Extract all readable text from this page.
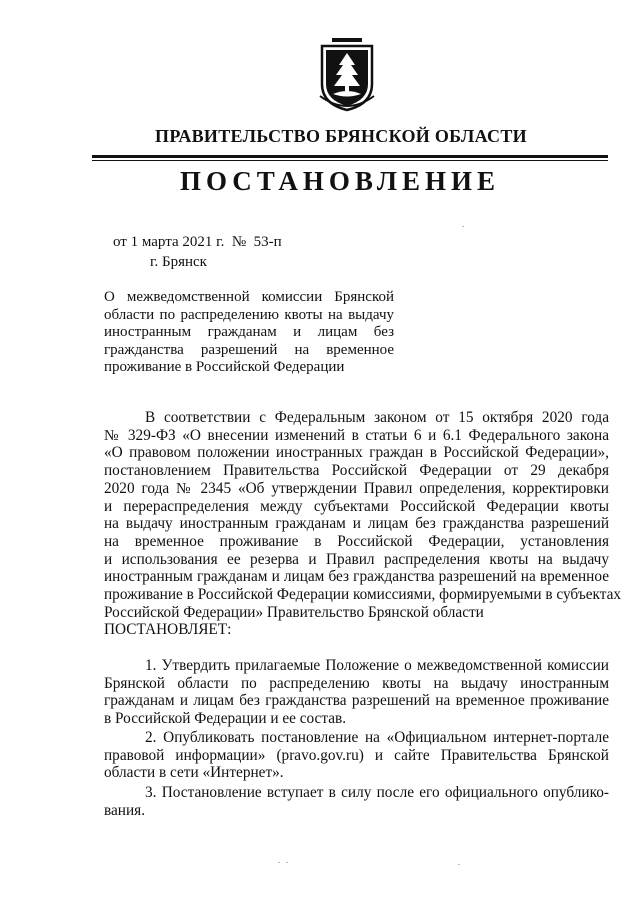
ПРАВИТЕЛЬСТВО БРЯНСКОЙ ОБЛАСТИ
ПОСТАНОВЛЕНИЕ
от 1 марта 2021 г.  №  53-п
г. Брянск
О межведомственной комиссии Брянской
области по распределению квоты на выдачу
иностранным гражданам и лицам без
гражданства разрешений на временное
проживание в Российской Федерации
В соответствии с Федеральным законом от 15 октября 2020 года
№ 329-ФЗ «О внесении изменений в статьи 6 и 6.1 Федерального закона
«О правовом положении иностранных граждан в Российской Федерации»,
постановлением Правительства Российской Федерации от 29 декабря
2020 года № 2345 «Об утверждении Правил определения, корректировки
и перераспределения между субъектами Российской Федерации квоты
на выдачу иностранным гражданам и лицам без гражданства разрешений
на временное проживание в Российской Федерации, установления
и использования ее резерва и Правил распределения квоты на выдачу
иностранным гражданам и лицам без гражданства разрешений на временное
проживание в Российской Федерации комиссиями, формируемыми в субъектах
Российской Федерации» Правительство Брянской области
ПОСТАНОВЛЯЕТ:
1. Утвердить прилагаемые Положение о межведомственной комиссии
Брянской области по распределению квоты на выдачу иностранным
гражданам и лицам без гражданства разрешений на временное проживание
в Российской Федерации и ее состав.
2. Опубликовать постановление на «Официальном интернет-портале
правовой информации» (pravo.gov.ru) и сайте Правительства Брянской
области в сети «Интернет».
3. Постановление вступает в силу после его официального опублико-
вания.
